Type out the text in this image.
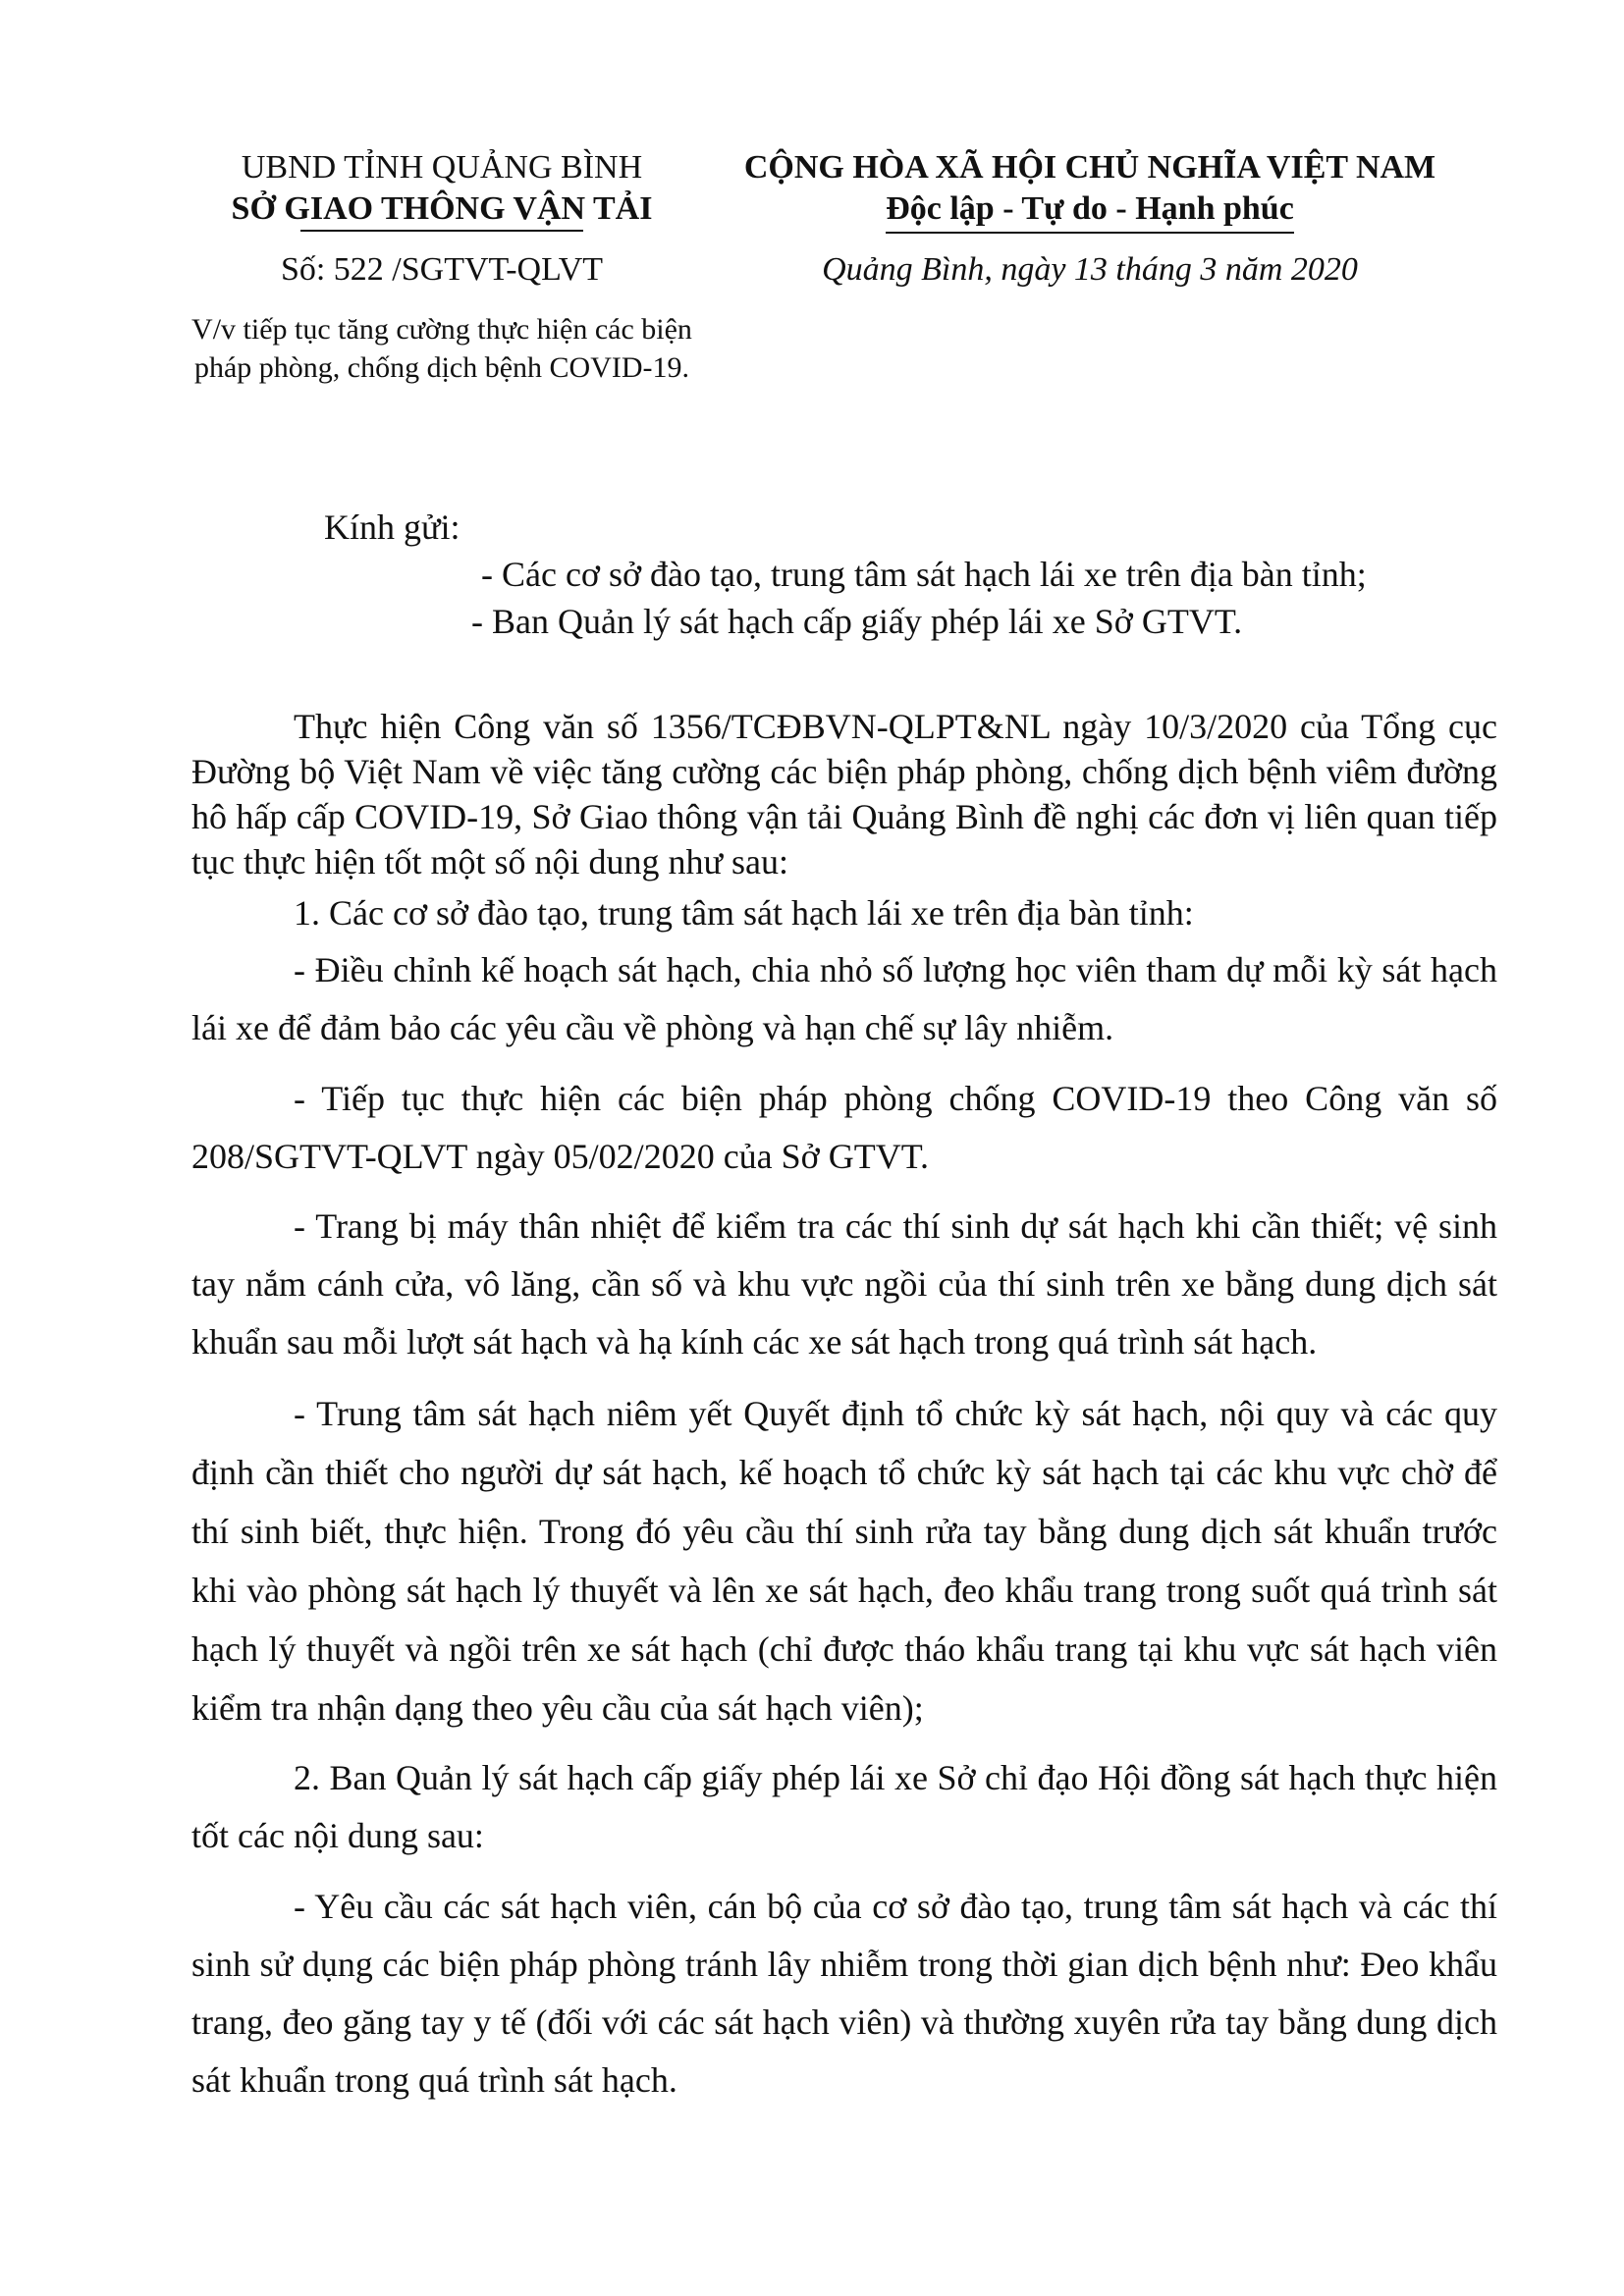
UBND TỈNH QUẢNG BÌNH
SỞ GIAO THÔNG VẬN TẢI
Số: 522 /SGTVT-QLVT
V/v tiếp tục tăng cường thực hiện các biện pháp phòng, chống dịch bệnh COVID-19.
CỘNG HÒA XÃ HỘI CHỦ NGHĨA VIỆT NAM
Độc lập - Tự do - Hạnh phúc
Quảng Bình, ngày 13 tháng 3 năm 2020

Kính gửi:

- Các cơ sở đào tạo, trung tâm sát hạch lái xe trên địa bàn tỉnh;

- Ban Quản lý sát hạch cấp giấy phép lái xe Sở GTVT.

Thực hiện Công văn số 1356/TCĐBVN-QLPT&NL ngày 10/3/2020 của Tổng cục Đường bộ Việt Nam về việc tăng cường các biện pháp phòng, chống dịch bệnh viêm đường hô hấp cấp COVID-19, Sở Giao thông vận tải Quảng Bình đề nghị các đơn vị liên quan tiếp tục thực hiện tốt một số nội dung như sau:

1. Các cơ sở đào tạo, trung tâm sát hạch lái xe trên địa bàn tỉnh:

- Điều chỉnh kế hoạch sát hạch, chia nhỏ số lượng học viên tham dự mỗi kỳ sát hạch lái xe để đảm bảo các yêu cầu về phòng và hạn chế sự lây nhiễm.

- Tiếp tục thực hiện các biện pháp phòng chống COVID-19 theo Công văn số 208/SGTVT-QLVT ngày 05/02/2020 của Sở GTVT.

- Trang bị máy thân nhiệt để kiểm tra các thí sinh dự sát hạch khi cần thiết; vệ sinh tay nắm cánh cửa, vô lăng, cần số và khu vực ngồi của thí sinh trên xe bằng dung dịch sát khuẩn sau mỗi lượt sát hạch và hạ kính các xe sát hạch trong quá trình sát hạch.

- Trung tâm sát hạch niêm yết Quyết định tổ chức kỳ sát hạch, nội quy và các quy định cần thiết cho người dự sát hạch, kế hoạch tổ chức kỳ sát hạch tại các khu vực chờ để thí sinh biết, thực hiện. Trong đó yêu cầu thí sinh rửa tay bằng dung dịch sát khuẩn trước khi vào phòng sát hạch lý thuyết và lên xe sát hạch, đeo khẩu trang trong suốt quá trình sát hạch lý thuyết và ngồi trên xe sát hạch (chỉ được tháo khẩu trang tại khu vực sát hạch viên kiểm tra nhận dạng theo yêu cầu của sát hạch viên);

2. Ban Quản lý sát hạch cấp giấy phép lái xe Sở chỉ đạo Hội đồng sát hạch thực hiện tốt các nội dung sau:

- Yêu cầu các sát hạch viên, cán bộ của cơ sở đào tạo, trung tâm sát hạch và các thí sinh sử dụng các biện pháp phòng tránh lây nhiễm trong thời gian dịch bệnh như: Đeo khẩu trang, đeo găng tay y tế (đối với các sát hạch viên) và thường xuyên rửa tay bằng dung dịch sát khuẩn trong quá trình sát hạch.
